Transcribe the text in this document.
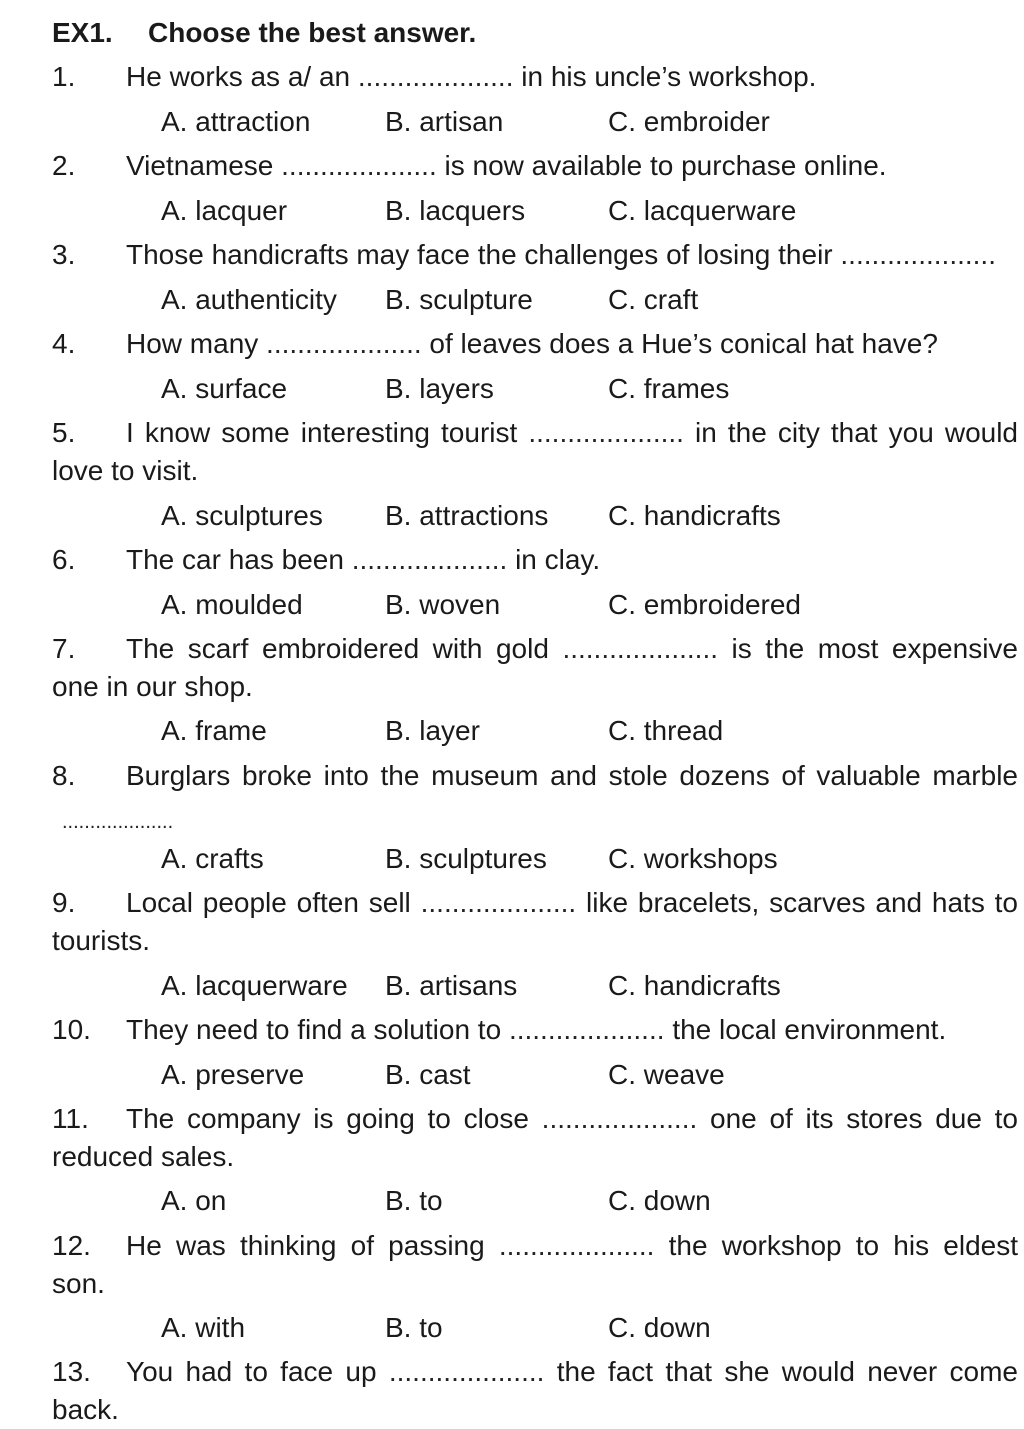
EX1. Choose the best answer.
1. He works as a/ an .................... in his uncle’s workshop.
A. attraction	B. artisan	C. embroider
2. Vietnamese .................... is now available to purchase online.
A. lacquer	B. lacquers	C. lacquerware
3. Those handicrafts may face the challenges of losing their ....................
A. authenticity B. sculpture	C. craft
4. How many .................... of leaves does a Hue’s conical hat have?
A. surface	B. layers	C. frames
5. I know some interesting tourist .................... in the city that you would
love to visit.
A. sculptures B. attractions C. handicrafts
6. The car has been .................... in clay.
A. moulded	B. woven	C. embroidered
7. The scarf embroidered with gold .................... is the most expensive
one in our shop.
A. frame	B. layer	C. thread
8. Burglars broke into the museum and stole dozens of valuable marble
....................
A. crafts	B. sculptures C. workshops
9. Local people often sell .................... like bracelets, scarves and hats to
tourists.
A. lacquerware B. artisans	C. handicrafts
10. They need to find a solution to .................... the local environment.
A. preserve	B. cast	C. weave
11. The company is going to close .................... one of its stores due to
reduced sales.
A. on	B. to	C. down
12. He was thinking of passing .................... the workshop to his eldest
son.
A. with	B. to	C. down
13. You had to face up .................... the fact that she would never come
back.
